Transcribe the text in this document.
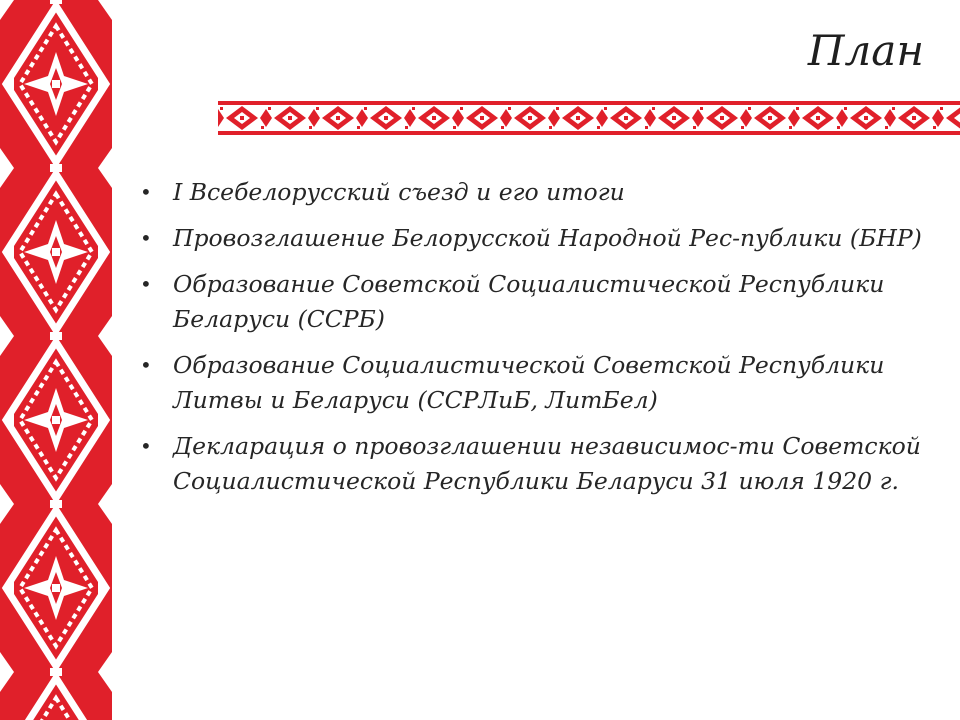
План
• I Всебелорусский съезд и его итоги
• Провозглашение Белорусской Народной Рес-публики (БНР)
• Образование Советской Социалистической Республики Беларуси (ССРБ)
• Образование Социалистической Советской Республики Литвы и Беларуси (ССРЛиБ, ЛитБел)
• Декларация о провозглашении независимос-ти Советской Социалистической Республики Беларуси 31 июля 1920 г.
